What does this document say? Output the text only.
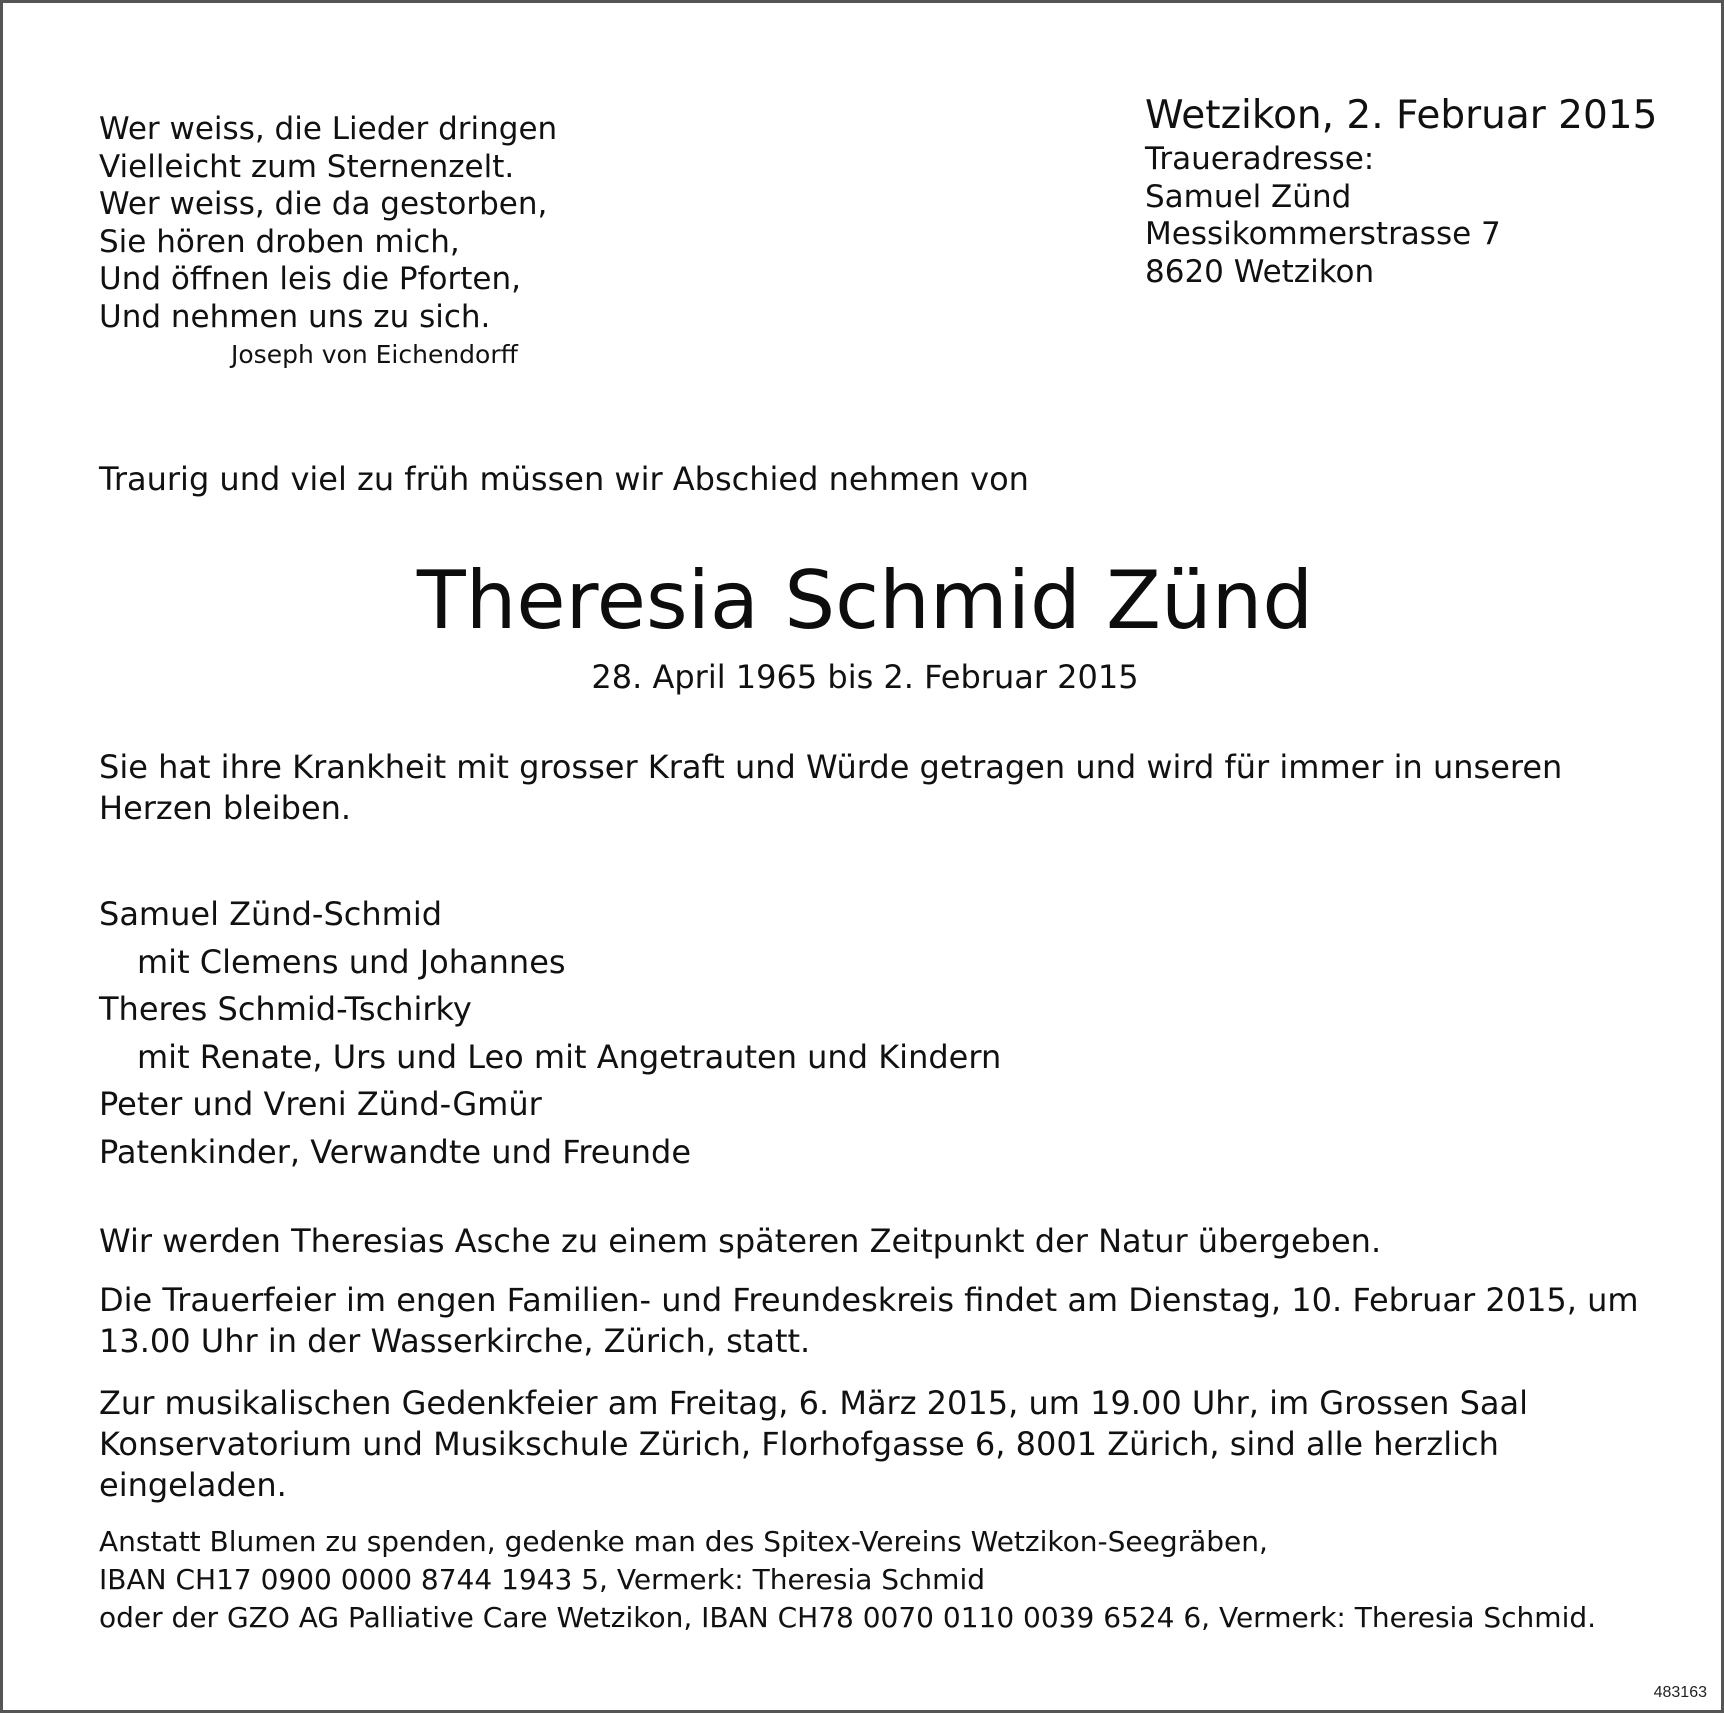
Wer weiss, die Lieder dringen
Vielleicht zum Sternenzelt.
Wer weiss, die da gestorben,
Sie hören droben mich,
Und öffnen leis die Pforten,
Und nehmen uns zu sich.
Joseph von Eichendorff
Wetzikon, 2. Februar 2015
Traueradresse:
Samuel Zünd
Messikommerstrasse 7
8620 Wetzikon
Traurig und viel zu früh müssen wir Abschied nehmen von
Theresia Schmid Zünd
28. April 1965 bis 2. Februar 2015

Sie hat ihre Krankheit mit grosser Kraft und Würde getragen und wird für immer in unseren Herzen bleiben.

Samuel Zünd-Schmid
mit Clemens und Johannes
Theres Schmid-Tschirky
mit Renate, Urs und Leo mit Angetrauten und Kindern
Peter und Vreni Zünd-Gmür
Patenkinder, Verwandte und Freunde

Wir werden Theresias Asche zu einem späteren Zeitpunkt der Natur übergeben.

Die Trauerfeier im engen Familien- und Freundeskreis findet am Dienstag, 10. Februar 2015, um 13.00 Uhr in der Wasserkirche, Zürich, statt.

Zur musikalischen Gedenkfeier am Freitag, 6. März 2015, um 19.00 Uhr, im Grossen Saal Konservatorium und Musikschule Zürich, Florhofgasse 6, 8001 Zürich, sind alle herzlich eingeladen.

Anstatt Blumen zu spenden, gedenke man des Spitex-Vereins Wetzikon-Seegräben,
IBAN CH17 0900 0000 8744 1943 5, Vermerk: Theresia Schmid
oder der GZO AG Palliative Care Wetzikon, IBAN CH78 0070 0110 0039 6524 6, Vermerk: Theresia Schmid.
483163
